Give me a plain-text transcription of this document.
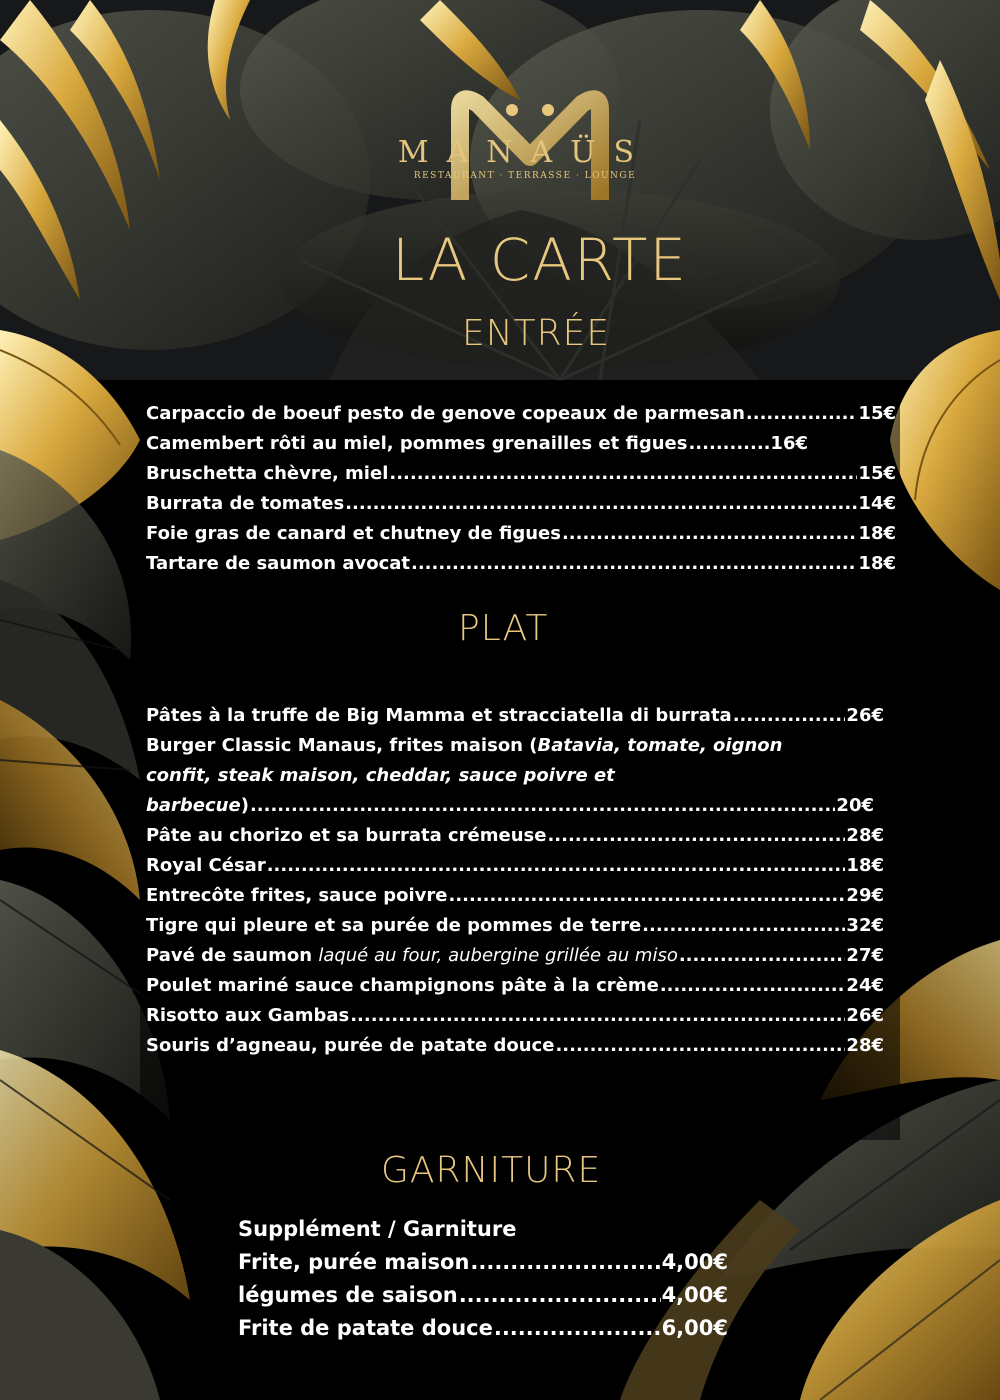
MANAÜS
RESTAURANT · TERRASSE · LOUNGE
LA CARTE
ENTRÉE
Carpaccio de boeuf pesto de genove copeaux de parmesan .....	15€
Camembert rôti au miel, pommes grenailles et figues .....	16€
Bruschetta chèvre, miel .....	15€
Burrata de tomates .....	14€
Foie gras de canard et chutney de figues .....	18€
Tartare de saumon avocat .....	18€
PLAT
Pâtes à la truffe de Big Mamma et stracciatella di burrata .....	26€
Burger Classic Manaus, frites maison (Batavia, tomate, oignon
confit, steak maison, cheddar, sauce poivre et
barbecue) .....	20€
Pâte au chorizo et sa burrata crémeuse .....	28€
Royal César .....	18€
Entrecôte frites, sauce poivre .....	29€
Tigre qui pleure et sa purée de pommes de terre .....	32€
Pavé de saumon laqué au four, aubergine grillée au miso .....	27€
Poulet mariné sauce champignons pâte à la crème .....	24€
Risotto aux Gambas .....	26€
Souris d’agneau, purée de patate douce .....	28€
GARNITURE
Supplément / Garniture
Frite, purée maison .....	4,00€
légumes de saison .....	4,00€
Frite de patate douce .....	6,00€
